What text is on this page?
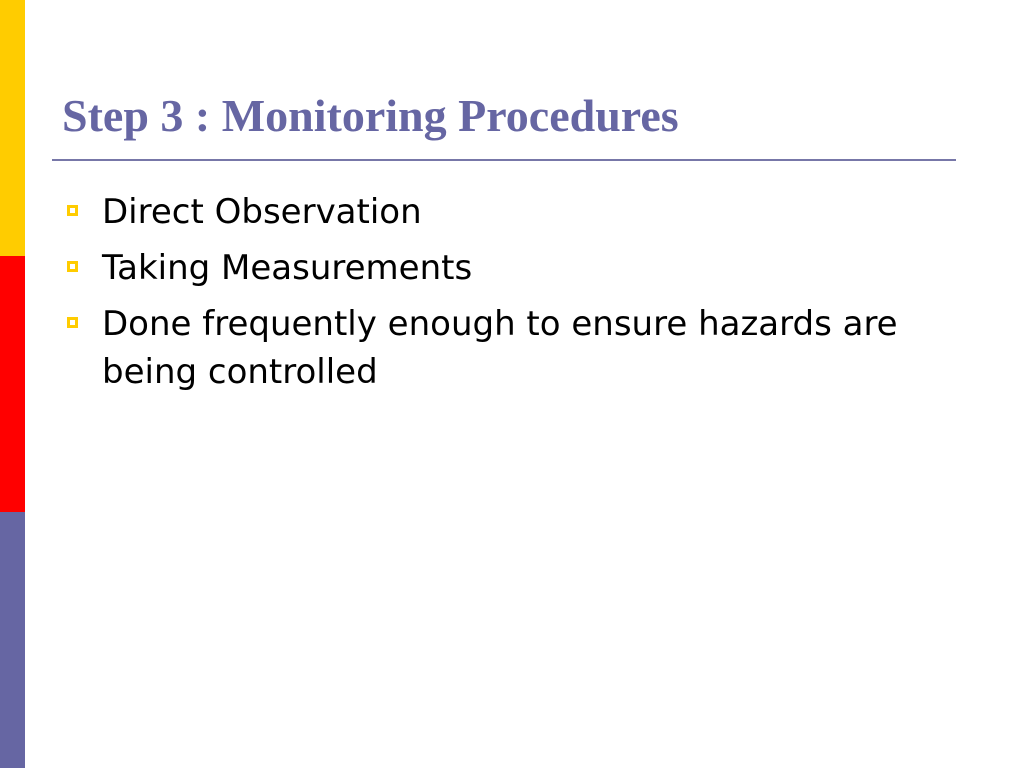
Step 3 : Monitoring Procedures
Direct Observation
Taking Measurements
Done frequently enough to ensure hazards are being controlled
